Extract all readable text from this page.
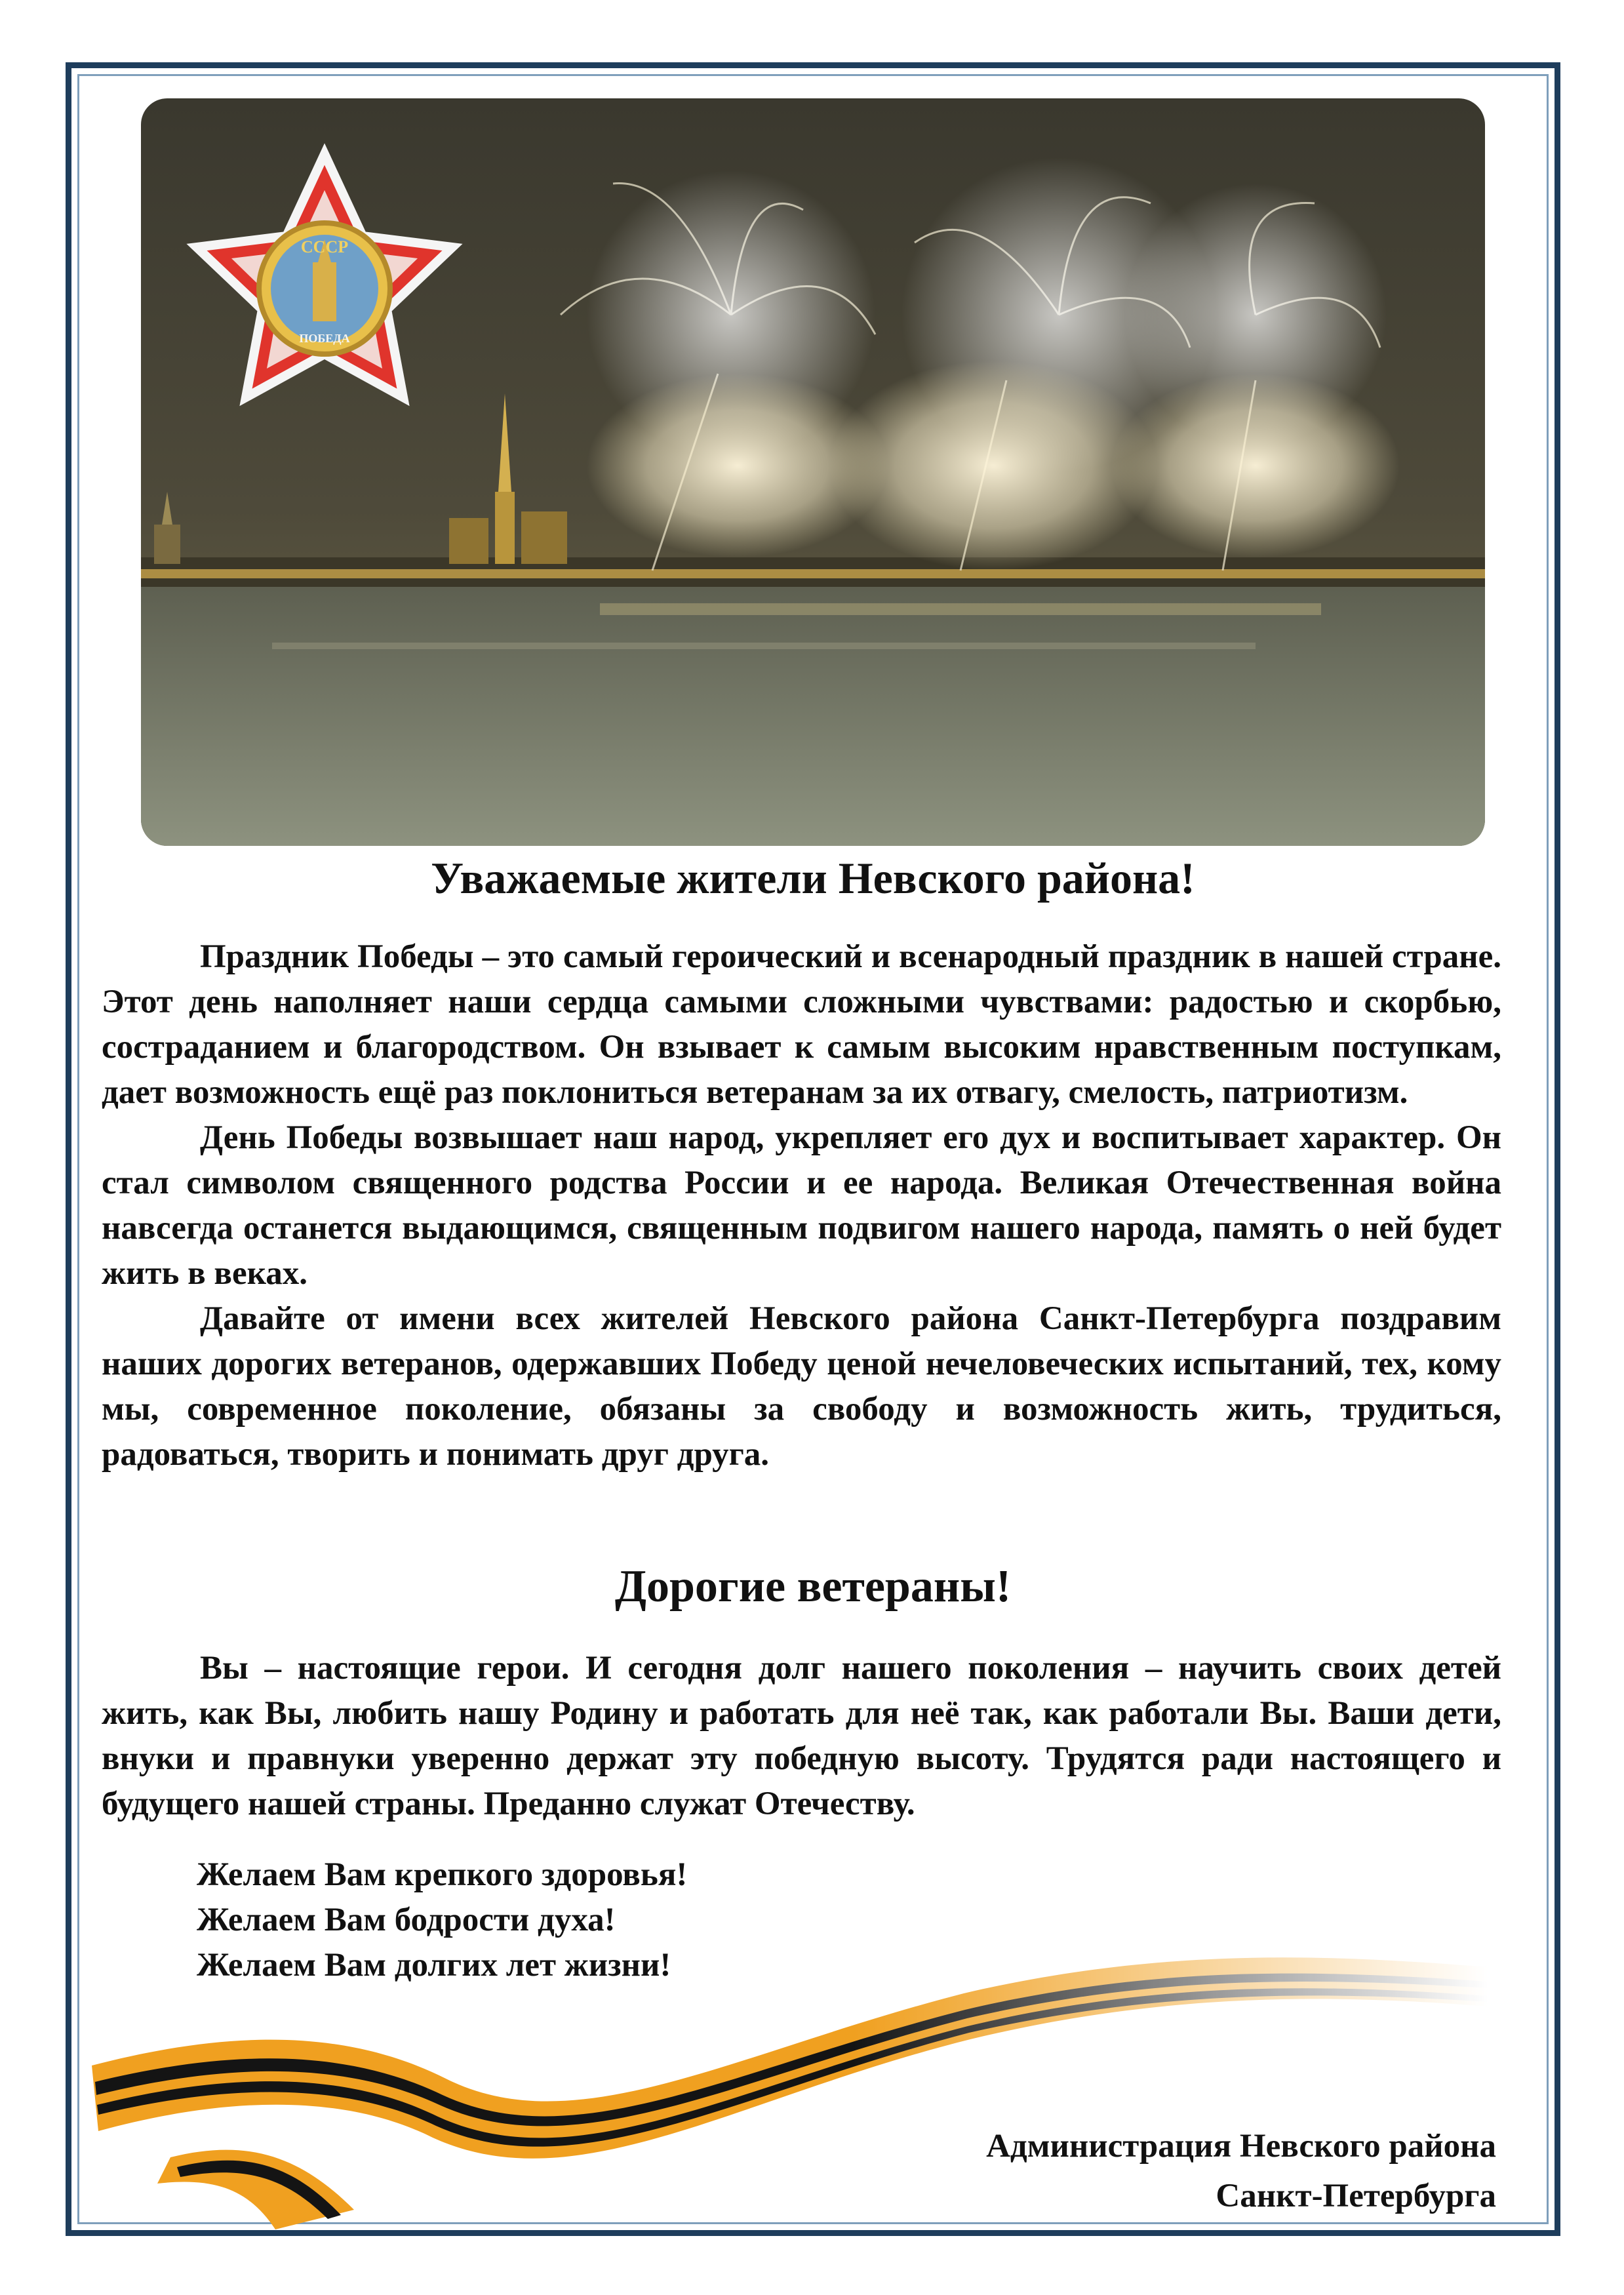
СССР
ПОБЕДА
Уважаемые жители Невского района!

Праздник Победы – это самый героический и всенародный праздник в нашей стране. Этот день наполняет наши сердца самыми сложными чувствами: радостью и скорбью, состраданием и благородством. Он взывает к самым высоким нравственным поступкам, дает возможность ещё раз поклониться ветеранам за их отвагу, смелость, патриотизм.

День Победы возвышает наш народ, укрепляет его дух и воспитывает характер. Он стал символом священного родства России и ее народа. Великая Отечественная война навсегда останется выдающимся, священным подвигом нашего народа, память о ней будет жить в веках.

Давайте от имени всех жителей Невского района Санкт-Петербурга поздравим наших дорогих ветеранов, одержавших Победу ценой нечеловеческих испытаний, тех, кому мы, современное поколение, обязаны за свободу и возможность жить, трудиться, радоваться, творить и понимать друг друга.

Дорогие ветераны!

Вы – настоящие герои. И сегодня долг нашего поколения – научить своих детей жить, как Вы, любить нашу Родину и работать для неё так, как работали Вы. Ваши дети, внуки и правнуки уверенно держат эту победную высоту. Трудятся ради настоящего и будущего нашей страны. Преданно служат Отечеству.

Желаем Вам крепкого здоровья!
Желаем Вам бодрости духа!
Желаем Вам долгих лет жизни!
Администрация Невского района
Санкт-Петербурга
